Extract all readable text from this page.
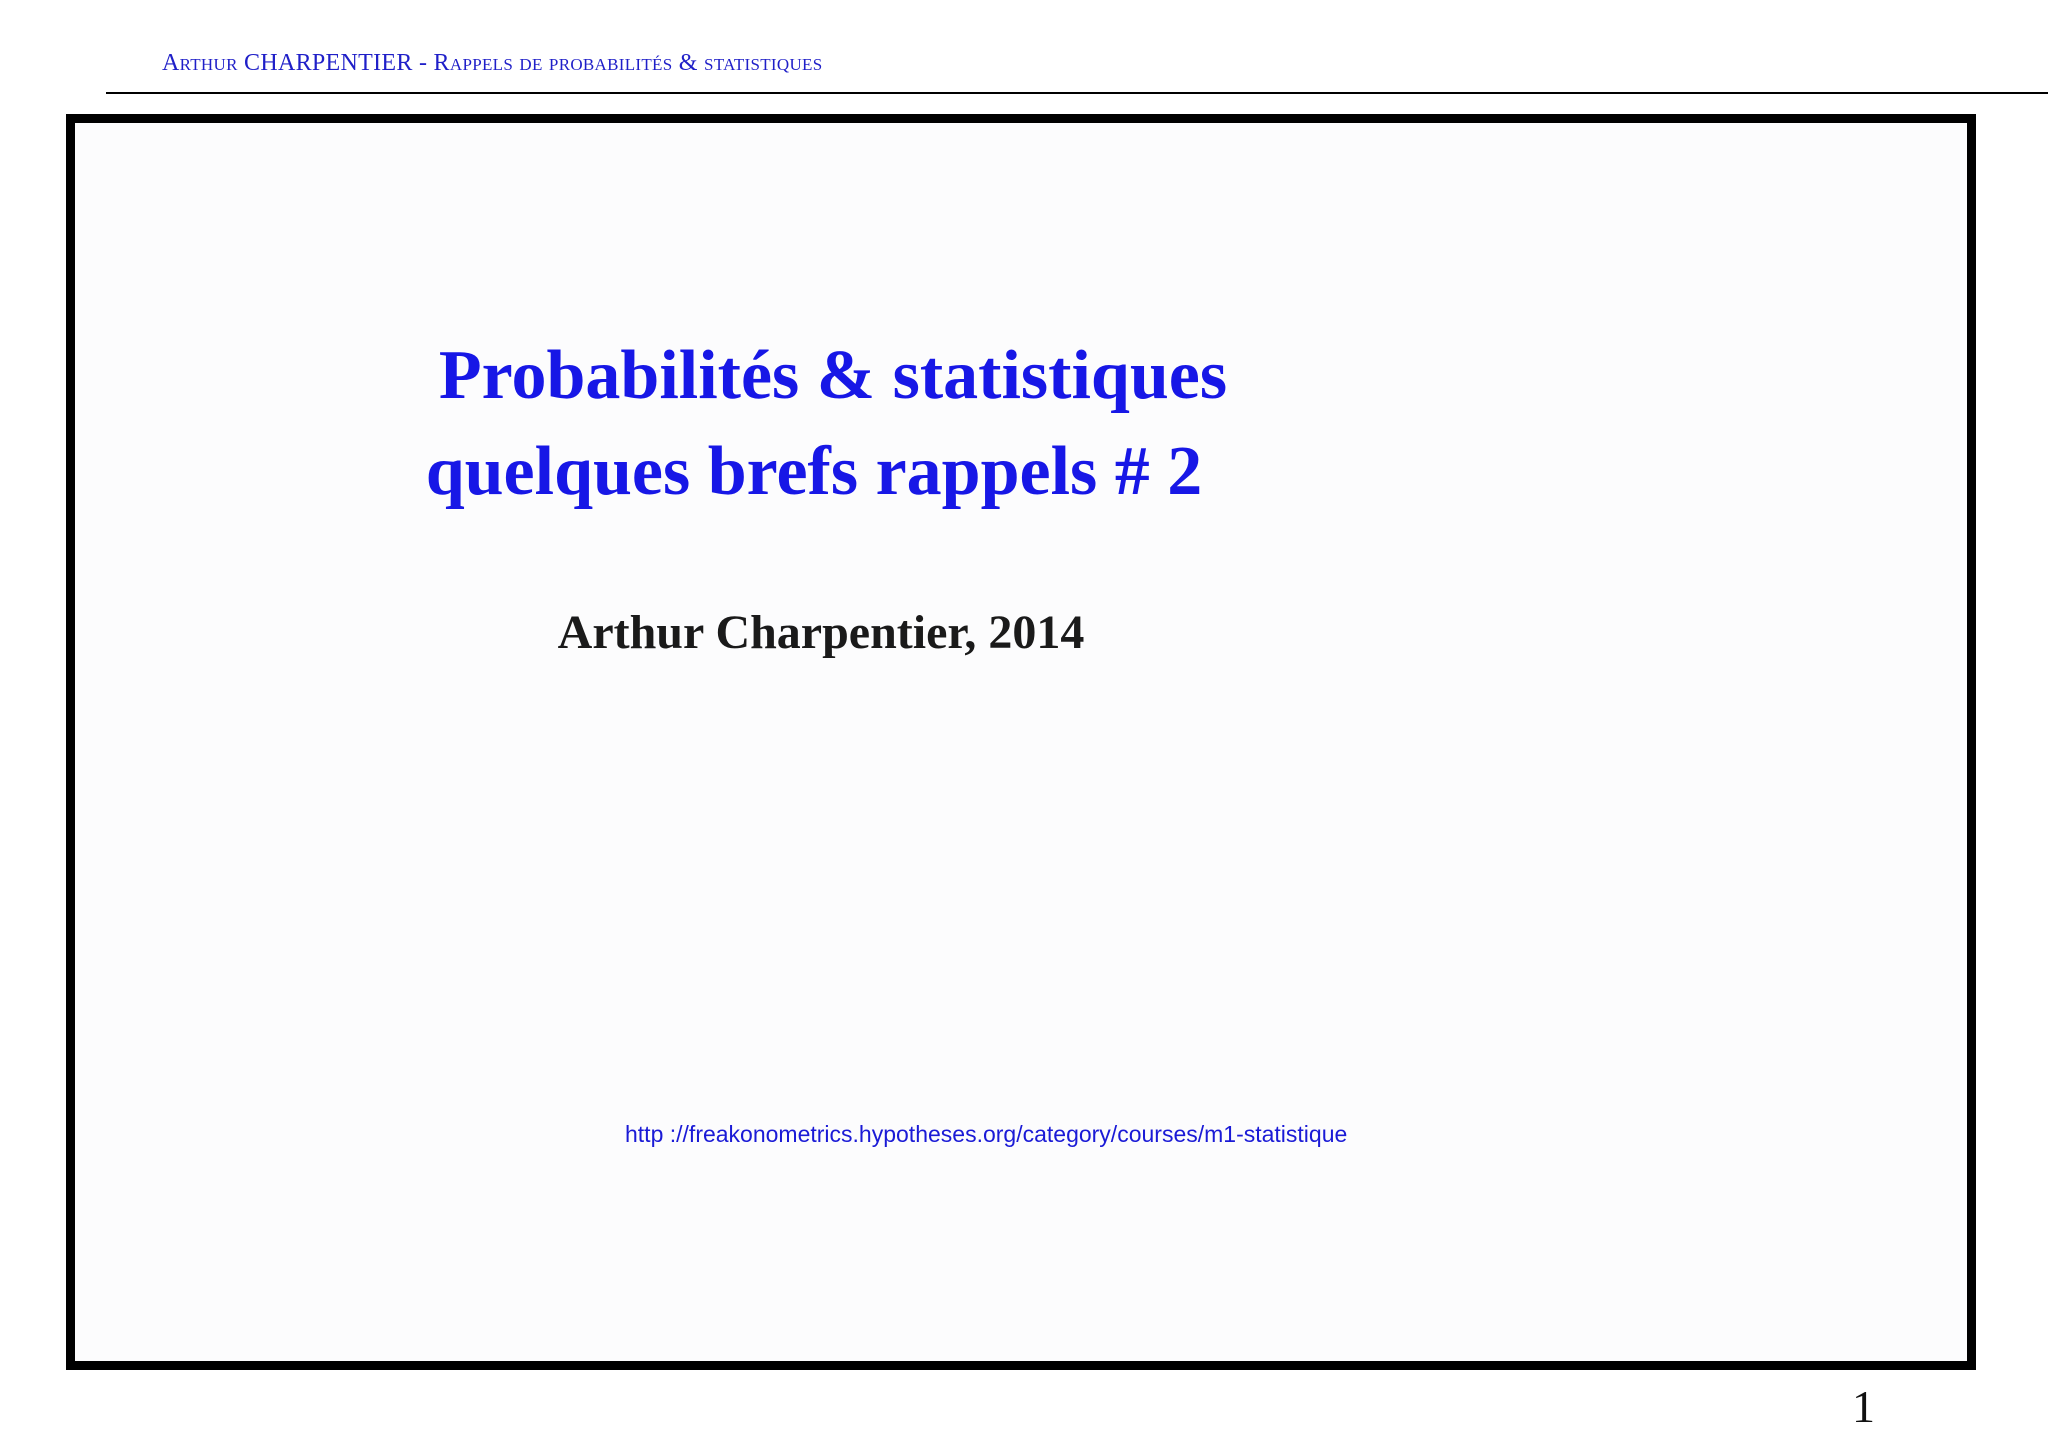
Arthur CHARPENTIER - Rappels de probabilités & statistiques
Probabilités & statistiques
quelques brefs rappels # 2
Arthur Charpentier, 2014
http ://freakonometrics.hypotheses.org/category/courses/m1-statistique
1
